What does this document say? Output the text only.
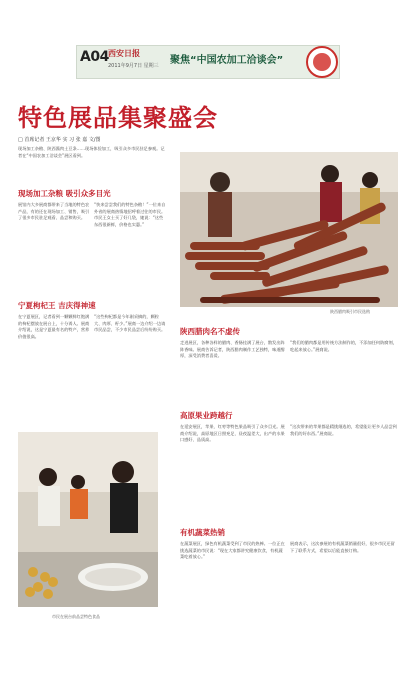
A04 西安日报
2011年9月7日 星期三 聚焦“中国农加工洽谈会”
特色展品集聚盛会
□ 首席记者 王京华 实 习 张 嘉 文/图
现场加工杂粮、陕西酱肉土豆条……现场体验加工，吸引众多市民驻足参观。记者在“中国农加工洽谈会”展区看到。
现场加工杂粮 吸引众多目光
展馆内大多展商都带来了当地的特色农产品，有的还在现场加工、销售，吸引了很多市民驻足观看、品尝和购买。
“快来尝尝我们的特色杂粮！”一位来自外省的展商热情地招呼着过往的市民。市民王女士买了好几袋，她说：“这些东西很新鲜，价格也实惠。”
宁夏枸杞王 吉庆得神速
在宁夏展区，记者看到一颗颗鲜红饱满的枸杞摆放在展台上，十分诱人。展商介绍说，这是宁夏最有名的特产，营养价值很高。
“这些枸杞都是今年刚采摘的，颗粒大、肉厚、籽少。”展商一边介绍一边请市民品尝，不少市民品尝后纷纷购买。
陕西腊肉吸引市民选购
陕西腊肉名不虚传
走进展区，各种各样的腊肉、香肠挂满了展台，散发出阵阵香味。展商告诉记者，陕西腊肉制作工艺独特，味道醇厚，深受消费者喜爱。
“我们的腊肉都是用传统方法制作的，不添加任何防腐剂，吃起来放心。”展商说。
高原果业跨越行
在延安展区，苹果、红枣等特色果品吸引了众多目光。展商介绍说，高原地区日照充足、昼夜温差大，出产的水果口感好、品质高。
“这次带来的苹果都是精挑细选的，希望能让更多人品尝到我们的好东西。”展商说。
市民在展台前品尝特色食品
有机蔬菜热销
在蔬菜展区，绿色有机蔬菜受到了市民的热捧。一位正在挑选蔬菜的市民说：“现在大家都讲究健康饮食，有机蔬菜吃着放心。”
展商表示，这次参展的有机蔬菜销量很好，很多市民还留下了联系方式，希望以后能直接订购。
